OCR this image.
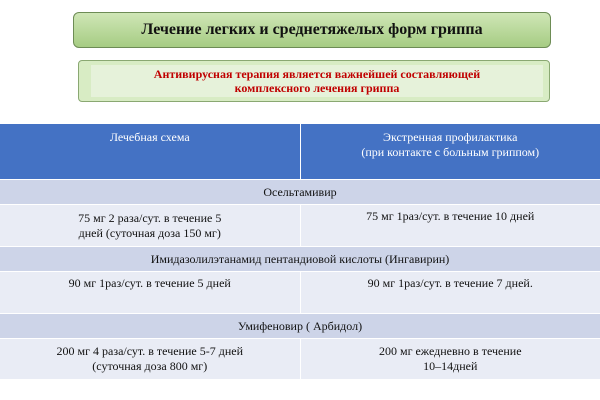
Лечение легких и среднетяжелых форм гриппа
Антивирусная терапия является важнейшей составляющей
комплексного лечения гриппа
Лечебная схема	Экстренная профилактика
(при контакте с больным гриппом)
Осельтамивир	
75 мг 2 раза/сут. в течение 5
дней (суточная доза 150 мг)	75 мг 1раз/сут. в течение 10 дней
Имидазолилэтанамид пентандиовой кислоты (Ингавирин)	
90 мг 1раз/сут. в течение 5 дней	90 мг 1раз/сут. в течение 7 дней.
Умифеновир ( Арбидол)	
200 мг 4 раза/сут. в течение 5-7 дней
(суточная доза 800 мг)	200 мг ежедневно в течение
10–14дней
